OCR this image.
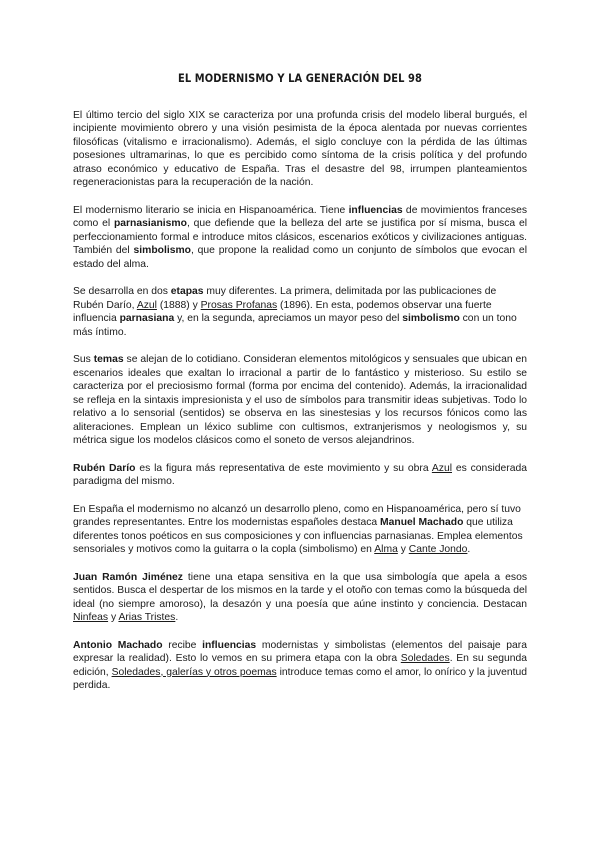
EL MODERNISMO Y LA GENERACIÓN DEL 98

El último tercio del siglo XIX se caracteriza por una profunda crisis del modelo liberal burgués, el incipiente movimiento obrero y una visión pesimista de la época alentada por nuevas corrientes filosóficas (vitalismo e irracionalismo). Además, el siglo concluye con la pérdida de las últimas posesiones ultramarinas, lo que es percibido como síntoma de la crisis política y del profundo atraso económico y educativo de España. Tras el desastre del 98, irrumpen planteamientos regeneracionistas para la recuperación de la nación.

El modernismo literario se inicia en Hispanoamérica. Tiene influencias de movimientos franceses como el parnasianismo, que defiende que la belleza del arte se justifica por sí misma, busca el perfeccionamiento formal e introduce mitos clásicos, escenarios exóticos y civilizaciones antiguas. También del simbolismo, que propone la realidad como un conjunto de símbolos que evocan el estado del alma.

Se desarrolla en dos etapas muy diferentes. La primera, delimitada por las publicaciones de Rubén Darío, Azul (1888) y Prosas Profanas (1896). En esta, podemos observar una fuerte influencia parnasiana y, en la segunda, apreciamos un mayor peso del simbolismo con un tono más íntimo.

Sus temas se alejan de lo cotidiano. Consideran elementos mitológicos y sensuales que ubican en escenarios ideales que exaltan lo irracional a partir de lo fantástico y misterioso. Su estilo se caracteriza por el preciosismo formal (forma por encima del contenido). Además, la irracionalidad se refleja en la sintaxis impresionista y el uso de símbolos para transmitir ideas subjetivas. Todo lo relativo a lo sensorial (sentidos) se observa en las sinestesias y los recursos fónicos como las aliteraciones. Emplean un léxico sublime con cultismos, extranjerismos y neologismos y, su métrica sigue los modelos clásicos como el soneto de versos alejandrinos.

Rubén Darío es la figura más representativa de este movimiento y su obra Azul es considerada paradigma del mismo.

En España el modernismo no alcanzó un desarrollo pleno, como en Hispanoamérica, pero sí tuvo grandes representantes. Entre los modernistas españoles destaca Manuel Machado que utiliza diferentes tonos poéticos en sus composiciones y con influencias parnasianas. Emplea elementos sensoriales y motivos como la guitarra o la copla (simbolismo) en Alma y Cante Jondo.

Juan Ramón Jiménez tiene una etapa sensitiva en la que usa simbología que apela a esos sentidos. Busca el despertar de los mismos en la tarde y el otoño con temas como la búsqueda del ideal (no siempre amoroso), la desazón y una poesía que aúne instinto y conciencia. Destacan Ninfeas y Arias Tristes.

Antonio Machado recibe influencias modernistas y simbolistas (elementos del paisaje para expresar la realidad). Esto lo vemos en su primera etapa con la obra Soledades. En su segunda edición, Soledades, galerías y otros poemas introduce temas como el amor, lo onírico y la juventud perdida.
